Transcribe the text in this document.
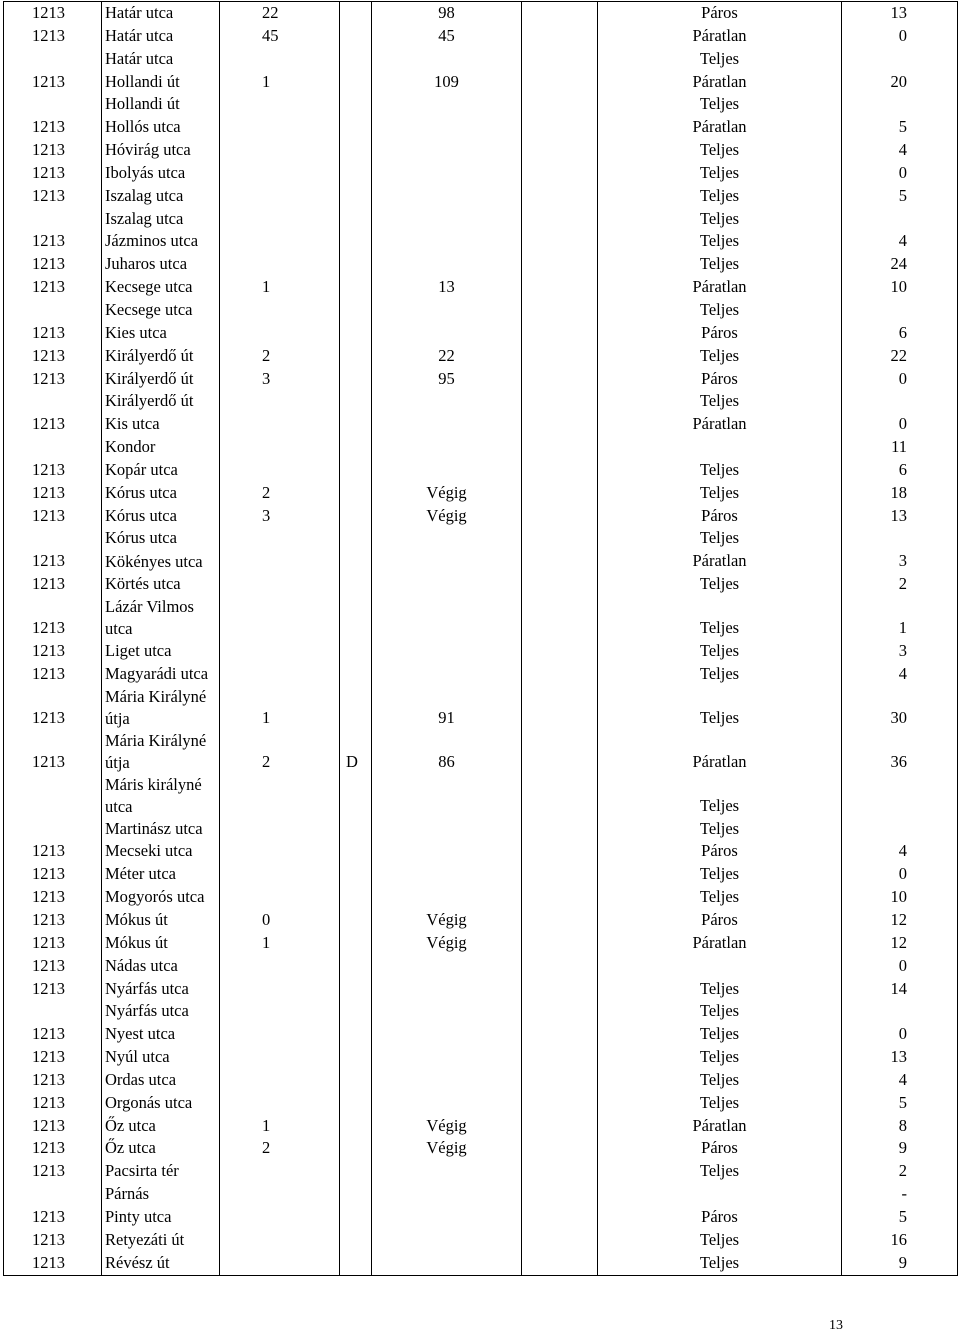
1213	Határ utca	22		98		Páros	13
1213	Határ utca	45		45		Páratlan	0
	Határ utca					Teljes	
1213	Hollandi út	1		109		Páratlan	20
	Hollandi út					Teljes	
1213	Hollós utca					Páratlan	5
1213	Hóvirág utca					Teljes	4
1213	Ibolyás utca					Teljes	0
1213	Iszalag utca					Teljes	5
	Iszalag utca					Teljes	
1213	Jázminos utca					Teljes	4
1213	Juharos utca					Teljes	24
1213	Kecsege utca	1		13		Páratlan	10
	Kecsege utca					Teljes	
1213	Kies utca					Páros	6
1213	Királyerdő út	2		22		Teljes	22
1213	Királyerdő út	3		95		Páros	0
	Királyerdő út					Teljes	
1213	Kis utca					Páratlan	0
	Kondor						11
1213	Kopár utca					Teljes	6
1213	Kórus utca	2		Végig		Teljes	18
1213	Kórus utca	3		Végig		Páros	13
	Kórus utca					Teljes	
1213	Kökényes utca					Páratlan	3
1213	Körtés utca					Teljes	2
1213	Lázár Vilmos utca					Teljes	1
1213	Liget utca					Teljes	3
1213	Magyarádi utca					Teljes	4
1213	Mária Királyné útja	1		91		Teljes	30
1213	Mária Királyné útja	2	D	86		Páratlan	36
	Máris királyné utca					Teljes	
	Martinász utca					Teljes	
1213	Mecseki utca					Páros	4
1213	Méter utca					Teljes	0
1213	Mogyorós utca					Teljes	10
1213	Mókus út	0		Végig		Páros	12
1213	Mókus út	1		Végig		Páratlan	12
1213	Nádas utca						0
1213	Nyárfás utca					Teljes	14
	Nyárfás utca					Teljes	
1213	Nyest utca					Teljes	0
1213	Nyúl utca					Teljes	13
1213	Ordas utca					Teljes	4
1213	Orgonás utca					Teljes	5
1213	Őz utca	1		Végig		Páratlan	8
1213	Őz utca	2		Végig		Páros	9
1213	Pacsirta tér					Teljes	2
	Párnás						-
1213	Pinty utca					Páros	5
1213	Retyezáti út					Teljes	16
1213	Révész út					Teljes	9
13
